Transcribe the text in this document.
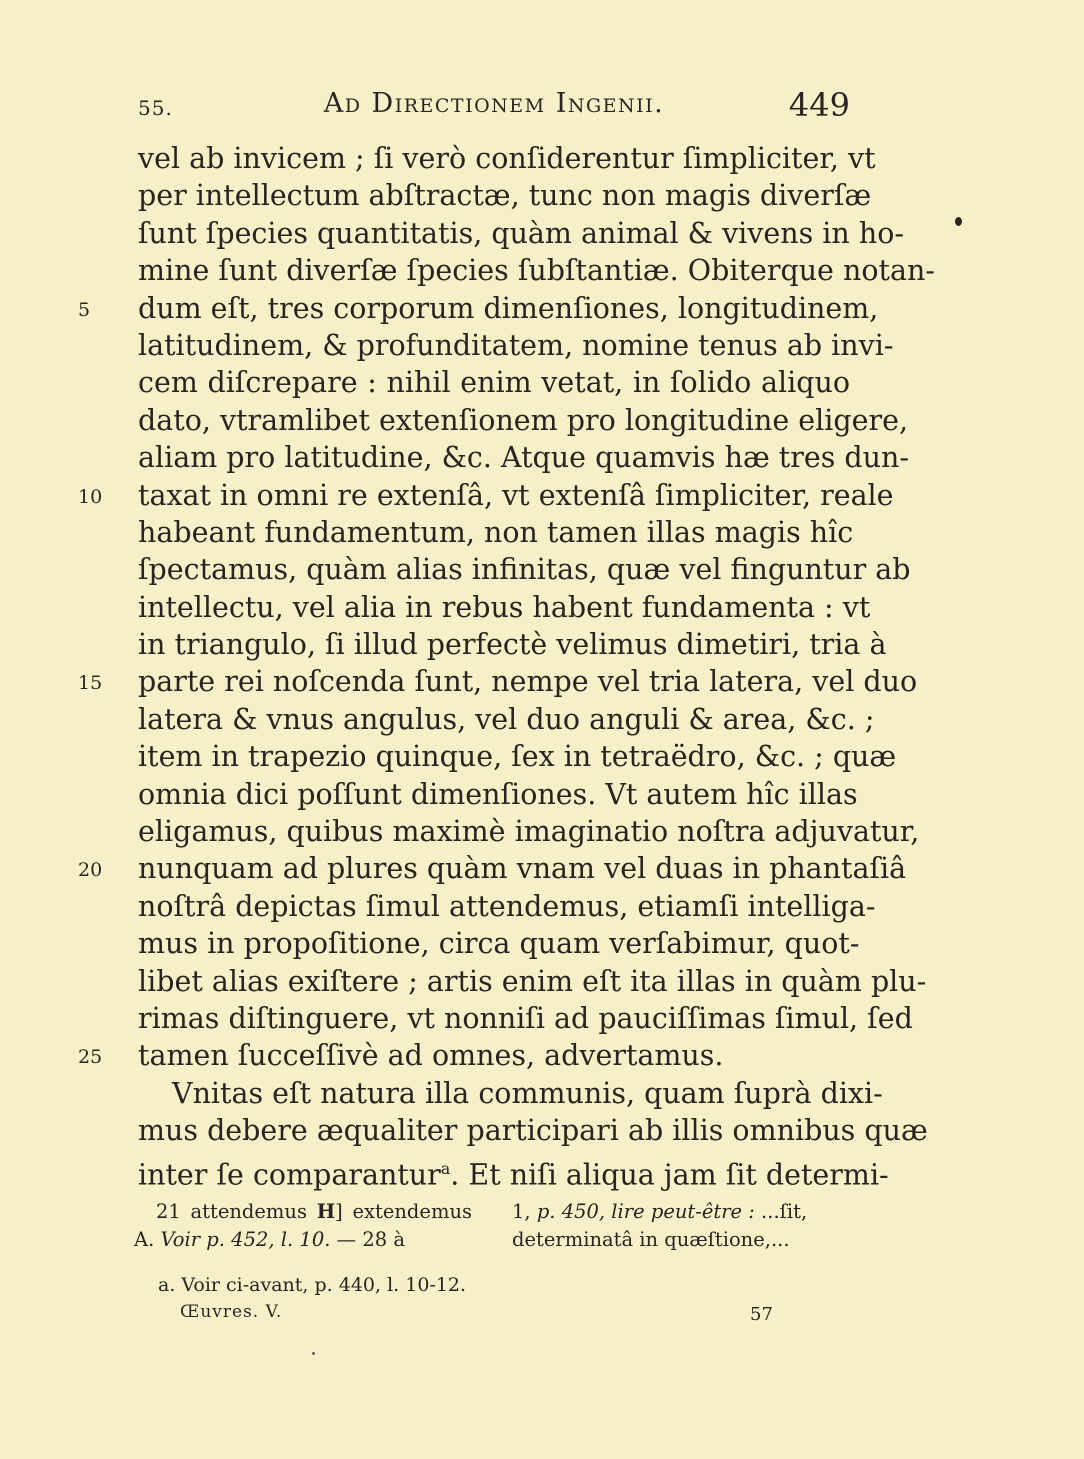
55.	Ad Directionem Ingenii.	449
vel ab invicem ; ſi verò conſiderentur ſimpliciter, vt
per intellectum abſtractæ, tunc non magis diverſæ
ſunt ſpecies quantitatis, quàm animal & vivens in ho-
mine ſunt diverſæ ſpecies ſubſtantiæ. Obiterque notan-
5	dum eſt, tres corporum dimenſiones, longitudinem,
latitudinem, & profunditatem, nomine tenus ab invi-
cem diſcrepare : nihil enim vetat, in ſolido aliquo
dato, vtramlibet extenſionem pro longitudine eligere,
aliam pro latitudine, &c. Atque quamvis hæ tres dun-
10	taxat in omni re extenſâ, vt extenſâ ſimpliciter, reale
habeant fundamentum, non tamen illas magis hîc
ſpectamus, quàm alias infinitas, quæ vel finguntur ab
intellectu, vel alia in rebus habent fundamenta : vt
in triangulo, ſi illud perfectè velimus dimetiri, tria à
15	parte rei noſcenda ſunt, nempe vel tria latera, vel duo
latera & vnus angulus, vel duo anguli & area, &c. ;
item in trapezio quinque, ſex in tetraëdro, &c. ; quæ
omnia dici poſſunt dimenſiones. Vt autem hîc illas
eligamus, quibus maximè imaginatio noſtra adjuvatur,
20	nunquam ad plures quàm vnam vel duas in phantaſiâ
noſtrâ depictas ſimul attendemus, etiamſi intelliga-
mus in propoſitione, circa quam verſabimur, quot-
libet alias exiſtere ; artis enim eſt ita illas in quàm plu-
rimas diſtinguere, vt nonniſi ad pauciſſimas ſimul, ſed
25	tamen ſucceſſivè ad omnes, advertamus.
Vnitas eſt natura illa communis, quam ſuprà dixi-
mus debere æqualiter participari ab illis omnibus quæ
inter ſe comparantur$^a$. Et niſi aliqua jam ſit determi-
21 attendemus H] extendemus
A. Voir p. 452, l. 10. — 28 à
1, p. 450, lire peut-être : ...ſit,
determinatâ in quæſtione,...
a. Voir ci-avant, p. 440, l. 10-12.
Œuvres. V.	57
